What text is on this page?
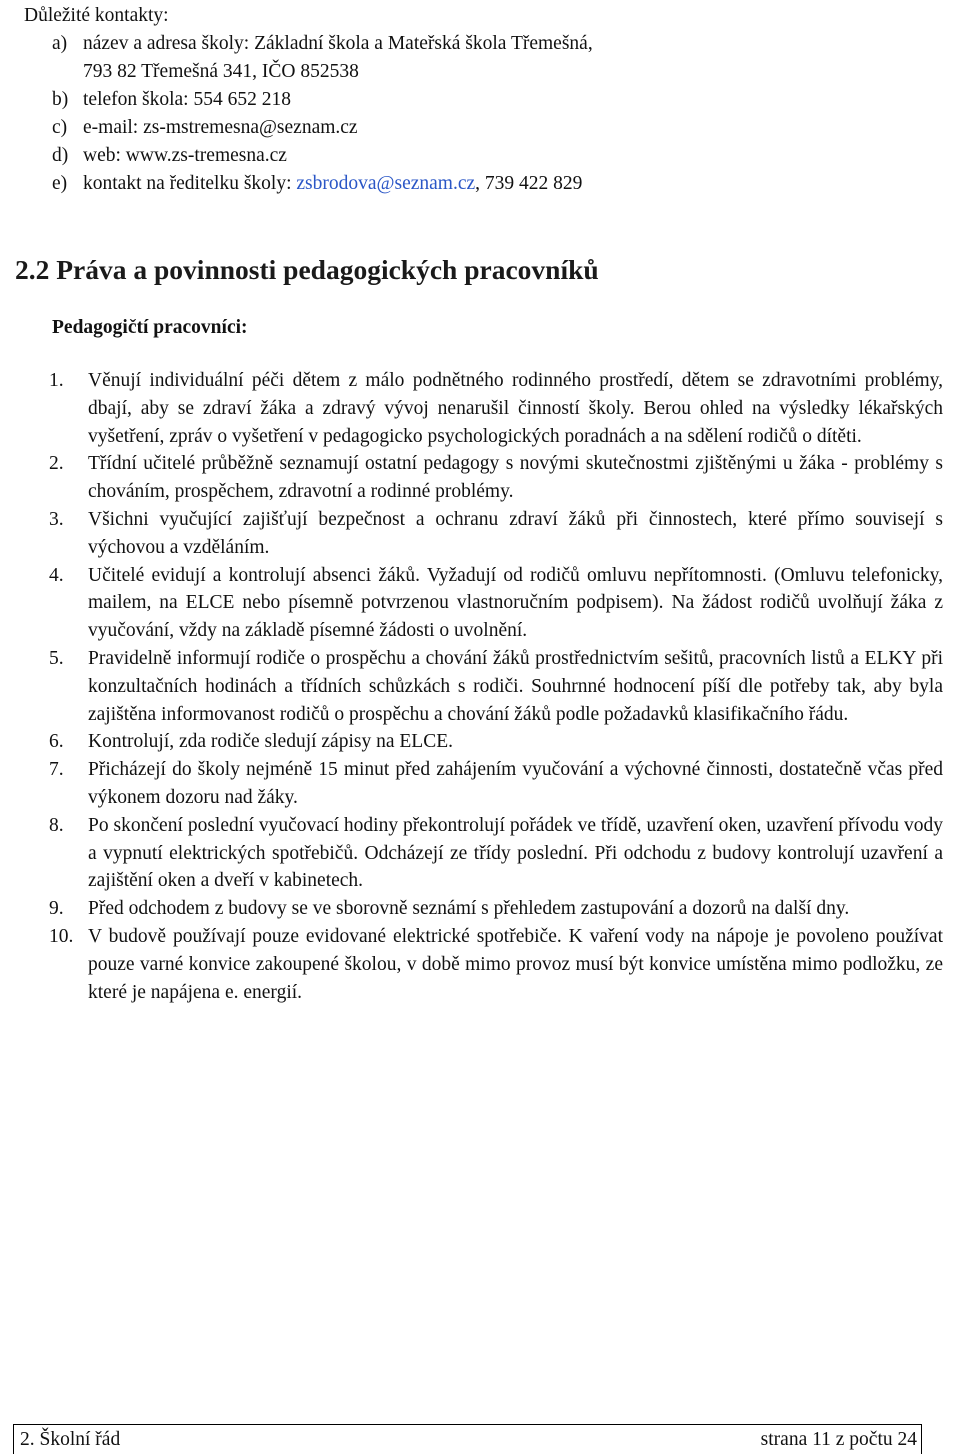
Důležité kontakty:

a) název a adresa školy: Základní škola a Mateřská škola Třemešná,
793 82 Třemešná 341, IČO 852538
b) telefon škola: 554 652 218
c) e-mail: zs-mstremesna@seznam.cz
d) web: www.zs-tremesna.cz
e) kontakt na ředitelku školy: zsbrodova@seznam.cz, 739 422 829
2.2 Práva a povinnosti pedagogických pracovníků

Pedagogičtí pracovníci:

1. Věnují individuální péči dětem z málo podnětného rodinného prostředí, dětem se zdravotními problémy, dbají, aby se zdraví žáka a zdravý vývoj nenarušil činností školy. Berou ohled na výsledky lékařských vyšetření, zpráv o vyšetření v pedagogicko psychologických poradnách a na sdělení rodičů o dítěti.
2. Třídní učitelé průběžně seznamují ostatní pedagogy s novými skutečnostmi zjištěnými u žáka - problémy s chováním, prospěchem, zdravotní a rodinné problémy.
3. Všichni vyučující zajišťují bezpečnost a ochranu zdraví žáků při činnostech, které přímo souvisejí s výchovou a vzděláním.
4. Učitelé evidují a kontrolují absenci žáků. Vyžadují od rodičů omluvu nepřítomnosti. (Omluvu telefonicky, mailem, na ELCE nebo písemně potvrzenou vlastnoručním podpisem). Na žádost rodičů uvolňují žáka z vyučování, vždy na základě písemné žádosti o uvolnění.
5. Pravidelně informují rodiče o prospěchu a chování žáků prostřednictvím sešitů, pracovních listů a ELKY při konzultačních hodinách a třídních schůzkách s rodiči. Souhrnné hodnocení píší dle potřeby tak, aby byla zajištěna informovanost rodičů o prospěchu a chování žáků podle požadavků klasifikačního řádu.
6. Kontrolují, zda rodiče sledují zápisy na ELCE.
7. Přicházejí do školy nejméně 15 minut před zahájením vyučování a výchovné činnosti, dostatečně včas před výkonem dozoru nad žáky.
8. Po skončení poslední vyučovací hodiny překontrolují pořádek ve třídě, uzavření oken, uzavření přívodu vody a vypnutí elektrických spotřebičů. Odcházejí ze třídy poslední. Při odchodu z budovy kontrolují uzavření a zajištění oken a dveří v kabinetech.
9. Před odchodem z budovy se ve sborovně seznámí s přehledem zastupování a dozorů na další dny.
10. V budově používají pouze evidované elektrické spotřebiče. K vaření vody na nápoje je povoleno používat pouze varné konvice zakoupené školou, v době mimo provoz musí být konvice umístěna mimo podložku, ze které je napájena e. energií.
2. Školní řád	strana 11 z počtu 24
